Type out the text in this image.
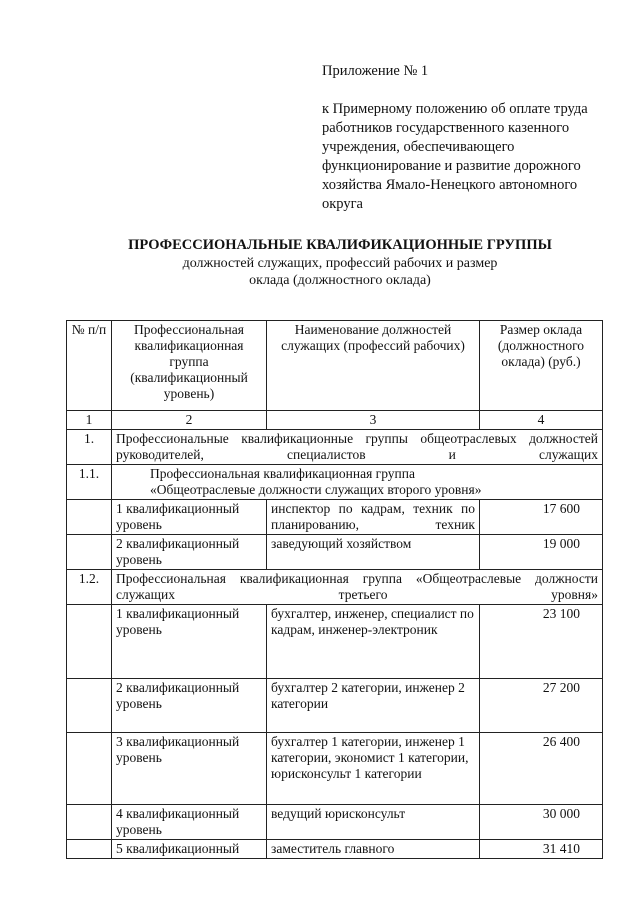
Приложение № 1
к Примерному положению об оплате труда
работников государственного казенного
учреждения, обеспечивающего
функционирование и развитие дорожного
хозяйства Ямало-Ненецкого автономного
округа
ПРОФЕССИОНАЛЬНЫЕ КВАЛИФИКАЦИОННЫЕ ГРУППЫ
должностей служащих, профессий рабочих и размер
оклада (должностного оклада)
№ п/п	Профессиональная квалификационная группа (квалификационный уровень)	Наименование должностей служащих (профессий рабочих)	Размер оклада (должностного оклада) (руб.)
1	2	3	4
1.	Профессиональные квалификационные группы общеотраслевых должностей руководителей, специалистов и служащих		
1.1.	Профессиональная квалификационная группа
«Общеотраслевые должности служащих второго уровня»		

	1 квалификационный уровень	инспектор по кадрам, техник по планированию, техник	17 600
	2 квалификационный уровень	заведующий хозяйством	19 000
1.2.	Профессиональная квалификационная группа «Общеотраслевые должности служащих третьего уровня»		
	1 квалификационный уровень	бухгалтер, инженер, специалист по кадрам, инженер-электроник	23 100
	2 квалификационный уровень	бухгалтер 2 категории, инженер 2 категории	27 200
	3 квалификационный уровень	бухгалтер 1 категории, инженер 1 категории, экономист 1 категории, юрисконсульт 1 категории	26 400
	4 квалификационный уровень	ведущий юрисконсульт	30 000
	5 квалификационный	заместитель главного	31 410
